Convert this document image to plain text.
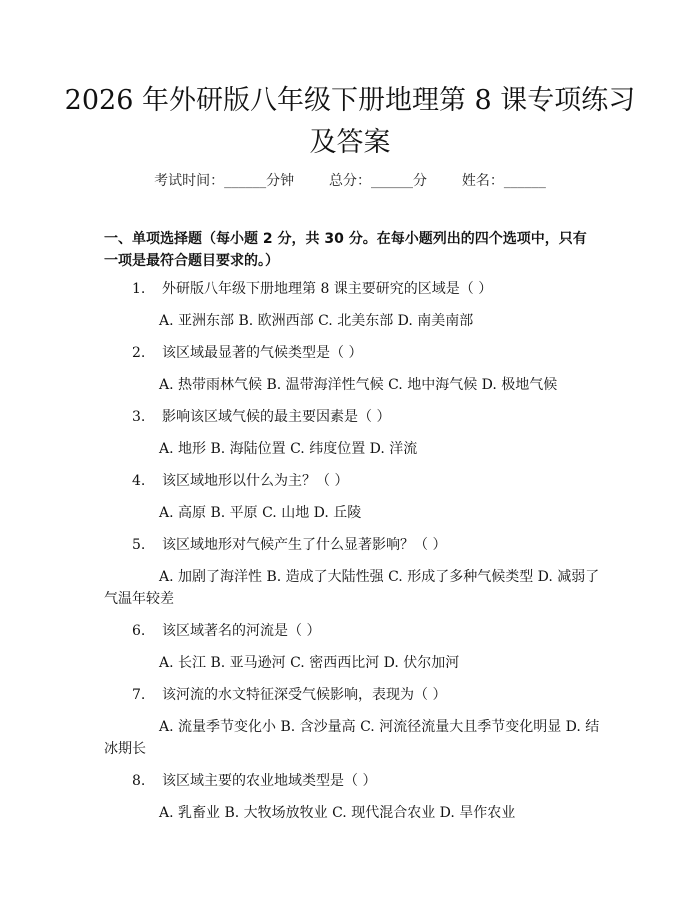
2026 年外研版八年级下册地理第 8 课专项练习及答案
考试时间：______分钟 总分：______分 姓名：______
一、单项选择题（每小题 2 分，共 30 分。在每小题列出的四个选项中，只有一项是最符合题目要求的。）
1.	外研版八年级下册地理第 8 课主要研究的区域是（ ）
A. 亚洲东部 B. 欧洲西部 C. 北美东部 D. 南美南部
2.	该区域最显著的气候类型是（ ）
A. 热带雨林气候 B. 温带海洋性气候 C. 地中海气候 D. 极地气候
3.	影响该区域气候的最主要因素是（ ）
A. 地形 B. 海陆位置 C. 纬度位置 D. 洋流
4.	该区域地形以什么为主？（ ）
A. 高原 B. 平原 C. 山地 D. 丘陵
5.	该区域地形对气候产生了什么显著影响？（ ）
A. 加剧了海洋性 B. 造成了大陆性强 C. 形成了多种气候类型 D. 减弱了气温年较差
6.	该区域著名的河流是（ ）
A. 长江 B. 亚马逊河 C. 密西西比河 D. 伏尔加河
7.	该河流的水文特征深受气候影响，表现为（ ）
A. 流量季节变化小 B. 含沙量高 C. 河流径流量大且季节变化明显 D. 结冰期长
8.	该区域主要的农业地域类型是（ ）
A. 乳畜业 B. 大牧场放牧业 C. 现代混合农业 D. 旱作农业
